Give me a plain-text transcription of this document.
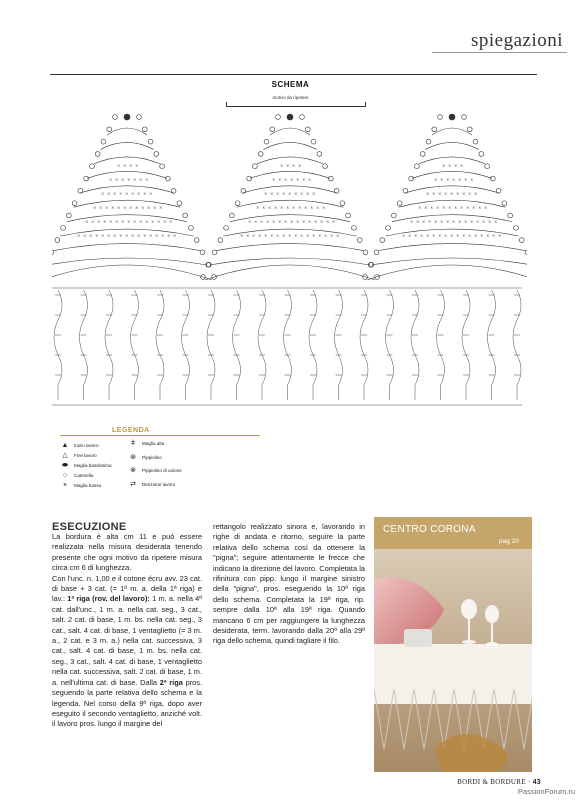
spiegazioni
SCHEMA
motivo da ripetere
× × × ×
× × × × × × ×
× × × × × × × × ×
× × × × × × × × × × × ×
× × × × × × × × × × × × × × ×
× × × × × × × × × × × × × × × × ×
× × × ×
× × × × × × ×
× × × × × × × × ×
× × × × × × × × × × × ×
× × × × × × × × × × × × × × ×
× × × × × × × × × × × × × × × × ×
× × × ×
× × × × × × ×
× × × × × × × × ×
× × × × × × × × × × × ×
× × × × × × × × × × × × × × ×
× × × × × × × × × × × × × × × × ×
LEGENDA
▲	Inizio lavoro
△	Fine lavoro
⬬	Maglia bassissima
○	Catenella
×	Maglia bassa
ǂ	Maglia alta
⊛	Pippiolino
⊗	Pippiolino di unione
⇄	Direzione lavoro
ESECUZIONE

La bordura è alta cm 11 e può essere realizzata nella misura desiderata tenendo presente che ogni motivo da ripetere misura circa cm 6 di lunghezza.

Con l'unc. n. 1,00 e il cotone écru avv. 23 cat. di base + 3 cat. (= 1ª m. a. della 1ª riga) e lav.: 1ª riga (rov. del lavoro): 1 m. a. nella 4ª cat. dall'unc., 1 m. a. nella cat. seg., 3 cat., salt. 2 cat. di base, 1 m. bs. nella cat. seg., 3 cat., salt. 4 cat. di base, 1 ventaglietto (= 3 m. a., 2 cat. e 3 m. a.) nella cat. successiva, 3 cat., salt. 4 cat. di base, 1 m. bs. nella cat. seg., 3 cat., salt. 4 cat. di base, 1 ventaglietto nella cat. successiva, salt. 2 cat. di base, 1 m. a. nell'ultima cat. di base. Dalla 2ª riga pros. seguendo la parte relativa dello schema e la legenda. Nel corso della 9ª riga, dopo aver eseguito il secondo ventaglietto, anziché volt. il lavoro pros. lungo il margine del

rettangolo realizzato sinora e, lavorando in righe di andata e ritorno, seguire la parte relativa dello schema così da ottenere la "pigna"; seguire attentamente le frecce che indicano la direzione del lavoro. Completata la rifinitura con pipp. lungo il margine sinistro della "pigna", pros. eseguendo la 10ª riga dello schema. Completata la 19ª riga, rip. sempre dalla 10ª alla 19ª riga. Quando mancano 6 cm per raggiungere la lunghezza desiderata, term. lavorando dalla 20ª alla 29ª riga dello schema, quindi tagliare il filo.

CENTRO CORONA
pag 20
BORDI & BORDURE · 43
PassionForum.ru
